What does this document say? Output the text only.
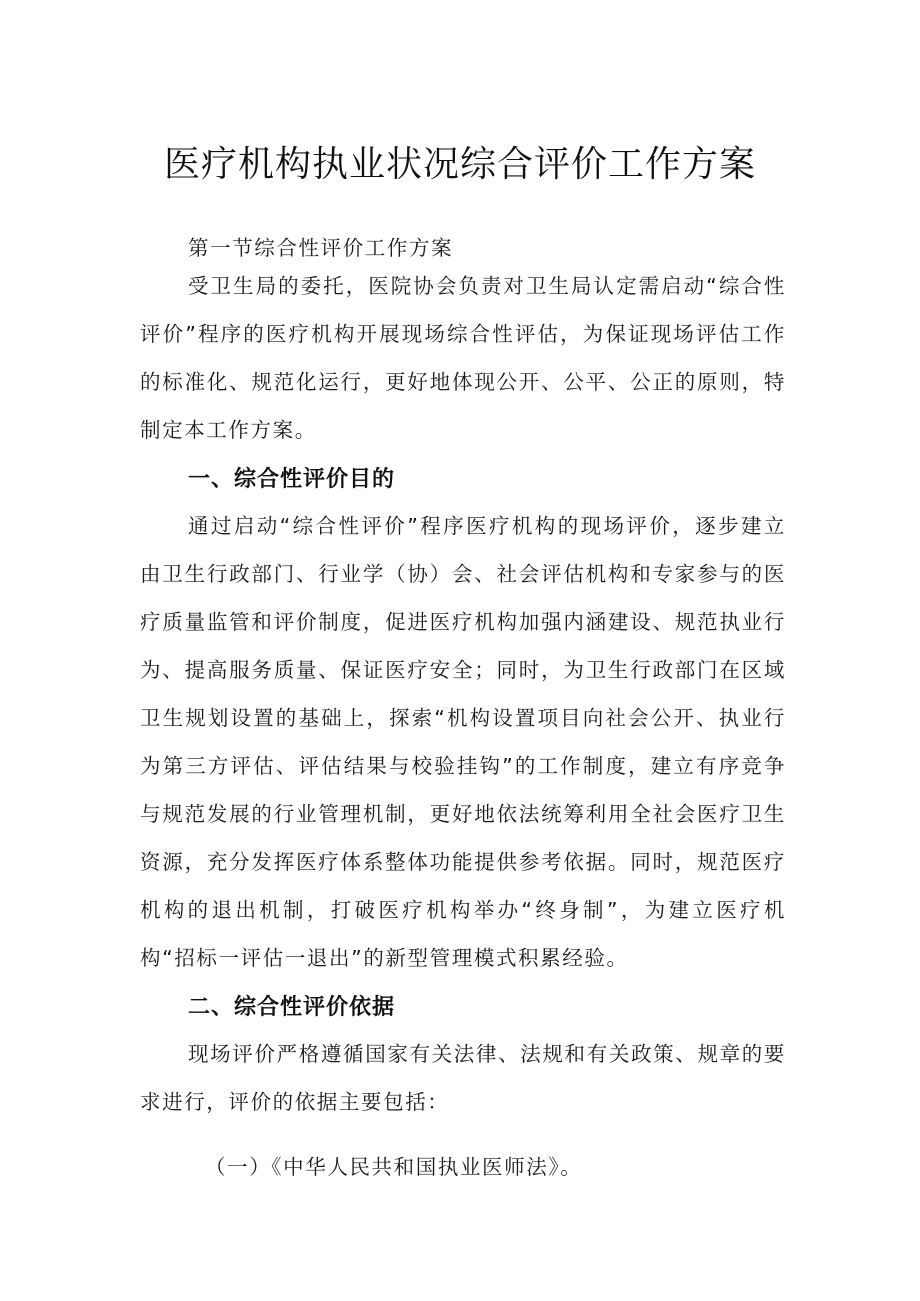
医疗机构执业状况综合评价工作方案
第一节综合性评价工作方案
受卫生局的委托，医院协会负责对卫生局认定需启动“综合性评价”程序的医疗机构开展现场综合性评估，为保证现场评估工作的标准化、规范化运行，更好地体现公开、公平、公正的原则，特制定本工作方案。
一、综合性评价目的
通过启动“综合性评价”程序医疗机构的现场评价，逐步建立由卫生行政部门、行业学（协）会、社会评估机构和专家参与的医疗质量监管和评价制度，促进医疗机构加强内涵建设、规范执业行为、提高服务质量、保证医疗安全；同时，为卫生行政部门在区域卫生规划设置的基础上，探索“机构设置项目向社会公开、执业行为第三方评估、评估结果与校验挂钩”的工作制度，建立有序竞争与规范发展的行业管理机制，更好地依法统筹利用全社会医疗卫生资源，充分发挥医疗体系整体功能提供参考依据。同时，规范医疗机构的退出机制，打破医疗机构举办“终身制”，为建立医疗机构“招标一评估一退出”的新型管理模式积累经验。
二、综合性评价依据
现场评价严格遵循国家有关法律、法规和有关政策、规章的要求进行，评价的依据主要包括：
（一）《中华人民共和国执业医师法》。
